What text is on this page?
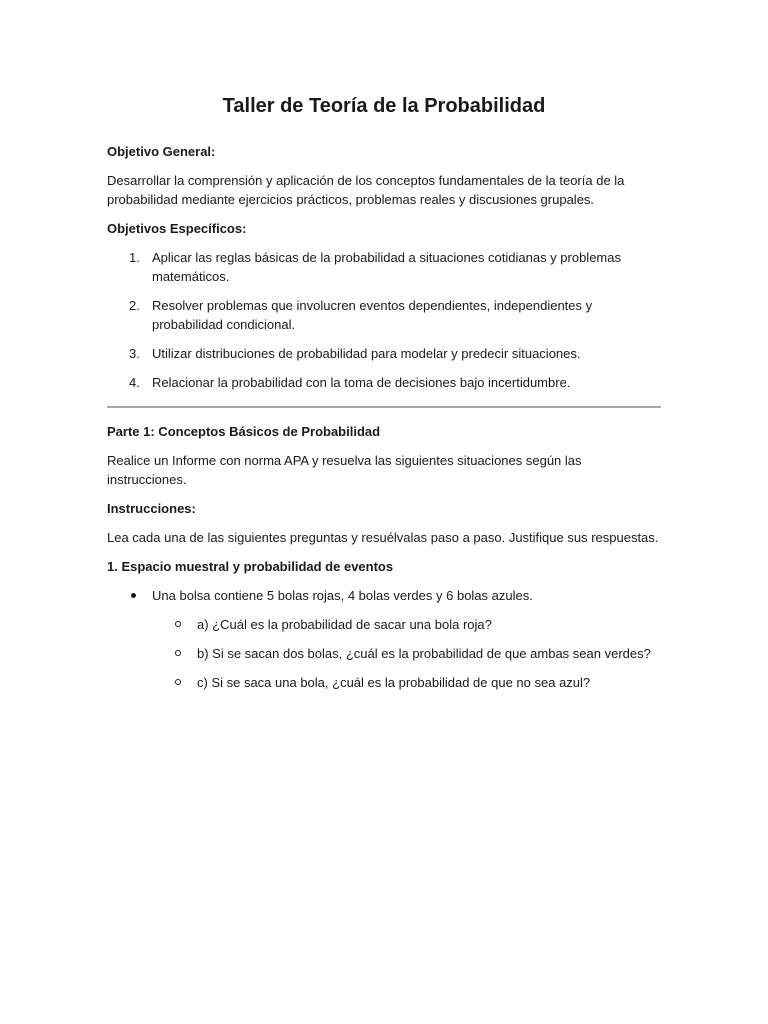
Taller de Teoría de la Probabilidad

Objetivo General:

Desarrollar la comprensión y aplicación de los conceptos fundamentales de la teoría de la probabilidad mediante ejercicios prácticos, problemas reales y discusiones grupales.

Objetivos Específicos:

1. Aplicar las reglas básicas de la probabilidad a situaciones cotidianas y problemas matemáticos.
2. Resolver problemas que involucren eventos dependientes, independientes y probabilidad condicional.
3. Utilizar distribuciones de probabilidad para modelar y predecir situaciones.
4. Relacionar la probabilidad con la toma de decisiones bajo incertidumbre.

Parte 1: Conceptos Básicos de Probabilidad

Realice un Informe con norma APA y resuelva las siguientes situaciones según las instrucciones.

Instrucciones:

Lea cada una de las siguientes preguntas y resuélvalas paso a paso. Justifique sus respuestas.

1. Espacio muestral y probabilidad de eventos

Una bolsa contiene 5 bolas rojas, 4 bolas verdes y 6 bolas azules.
a) ¿Cuál es la probabilidad de sacar una bola roja?
b) Si se sacan dos bolas, ¿cuál es la probabilidad de que ambas sean verdes?
c) Si se saca una bola, ¿cuál es la probabilidad de que no sea azul?
